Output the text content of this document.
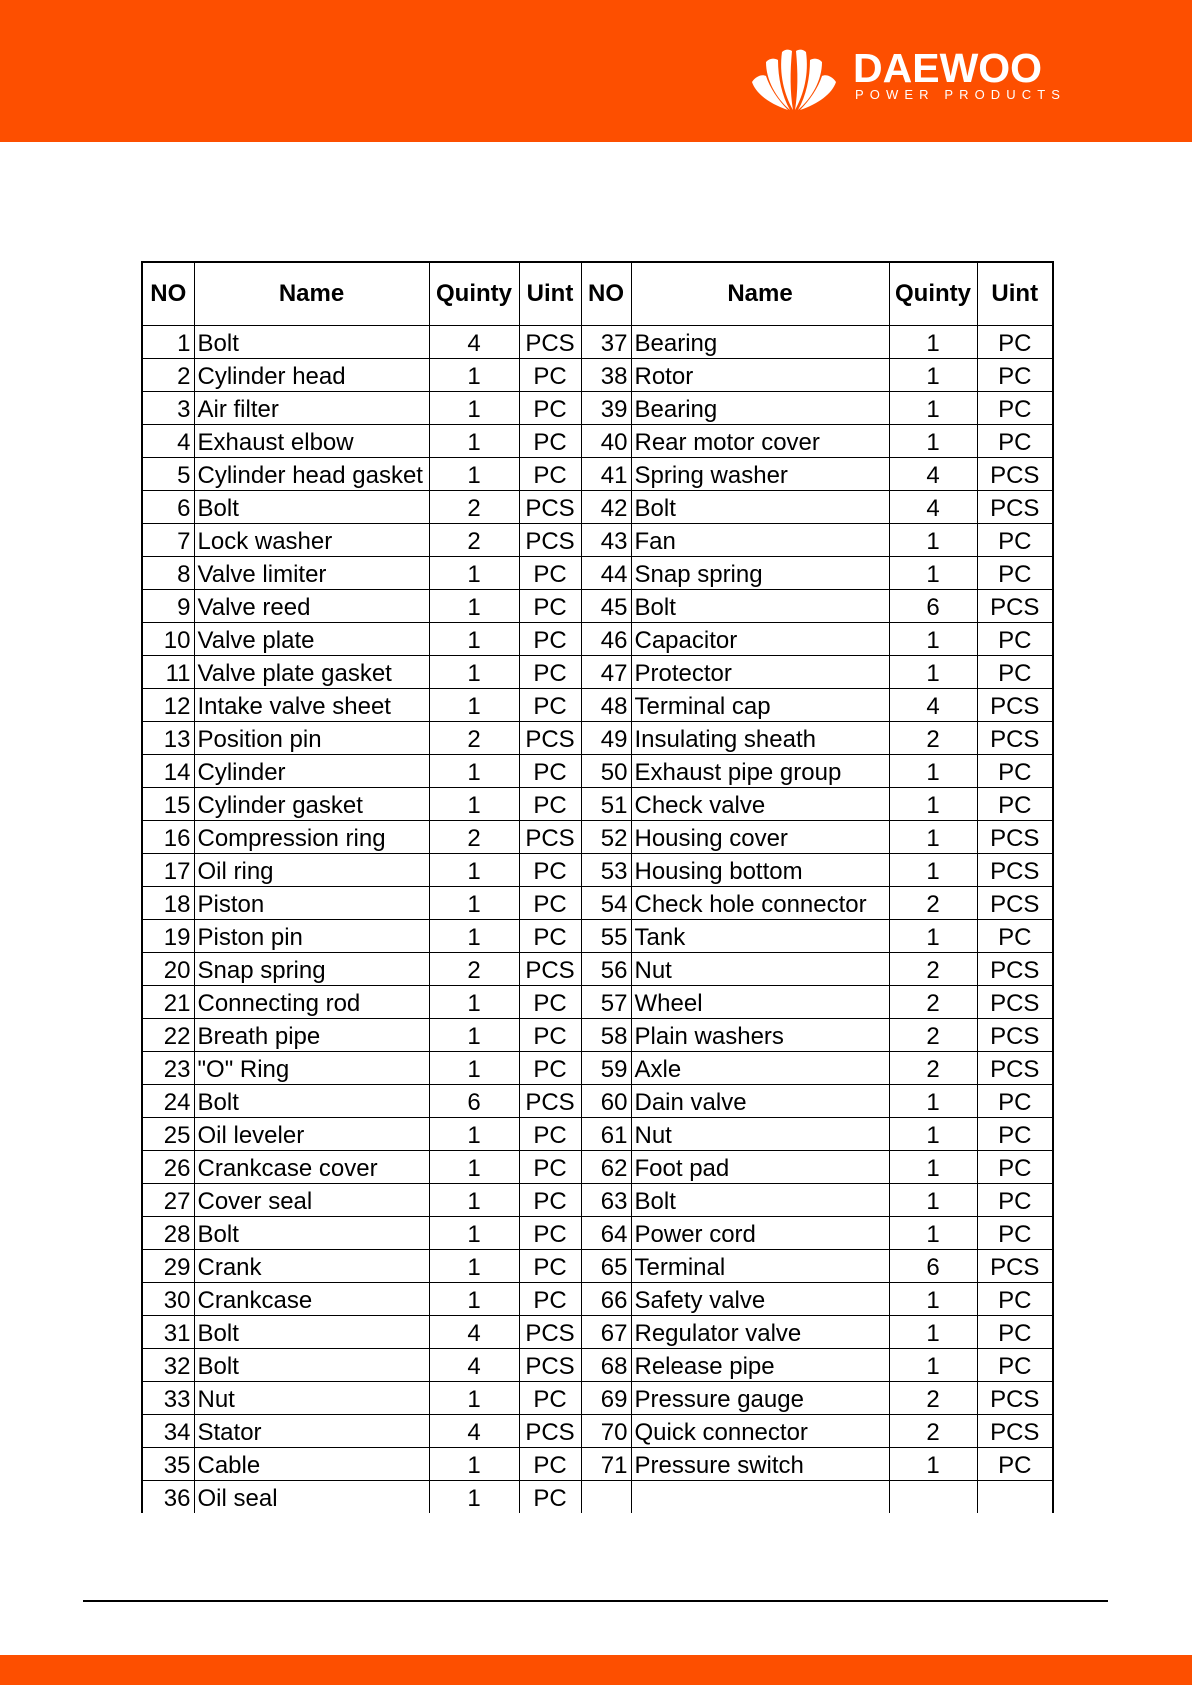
DAEWOO
POWER PRODUCTS
NO	Name	Quinty	Uint	NO	Name	Quinty	Uint
1	Bolt	4	PCS	37	Bearing	1	PC
2	Cylinder head	1	PC	38	Rotor	1	PC
3	Air filter	1	PC	39	Bearing	1	PC
4	Exhaust elbow	1	PC	40	Rear motor cover	1	PC
5	Cylinder head gasket	1	PC	41	Spring washer	4	PCS
6	Bolt	2	PCS	42	Bolt	4	PCS
7	Lock washer	2	PCS	43	Fan	1	PC
8	Valve limiter	1	PC	44	Snap spring	1	PC
9	Valve reed	1	PC	45	Bolt	6	PCS
10	Valve plate	1	PC	46	Capacitor	1	PC
11	Valve plate gasket	1	PC	47	Protector	1	PC
12	Intake valve sheet	1	PC	48	Terminal cap	4	PCS
13	Position pin	2	PCS	49	Insulating sheath	2	PCS
14	Cylinder	1	PC	50	Exhaust pipe group	1	PC
15	Cylinder gasket	1	PC	51	Check valve	1	PC
16	Compression ring	2	PCS	52	Housing cover	1	PCS
17	Oil ring	1	PC	53	Housing bottom	1	PCS
18	Piston	1	PC	54	Check hole connector	2	PCS
19	Piston pin	1	PC	55	Tank	1	PC
20	Snap spring	2	PCS	56	Nut	2	PCS
21	Connecting rod	1	PC	57	Wheel	2	PCS
22	Breath pipe	1	PC	58	Plain washers	2	PCS
23	"O" Ring	1	PC	59	Axle	2	PCS
24	Bolt	6	PCS	60	Dain valve	1	PC
25	Oil leveler	1	PC	61	Nut	1	PC
26	Crankcase cover	1	PC	62	Foot pad	1	PC
27	Cover seal	1	PC	63	Bolt	1	PC
28	Bolt	1	PC	64	Power cord	1	PC
29	Crank	1	PC	65	Terminal	6	PCS
30	Crankcase	1	PC	66	Safety valve	1	PC
31	Bolt	4	PCS	67	Regulator valve	1	PC
32	Bolt	4	PCS	68	Release pipe	1	PC
33	Nut	1	PC	69	Pressure gauge	2	PCS
34	Stator	4	PCS	70	Quick connector	2	PCS
35	Cable	1	PC	71	Pressure switch	1	PC
36	Oil seal	1	PC				
